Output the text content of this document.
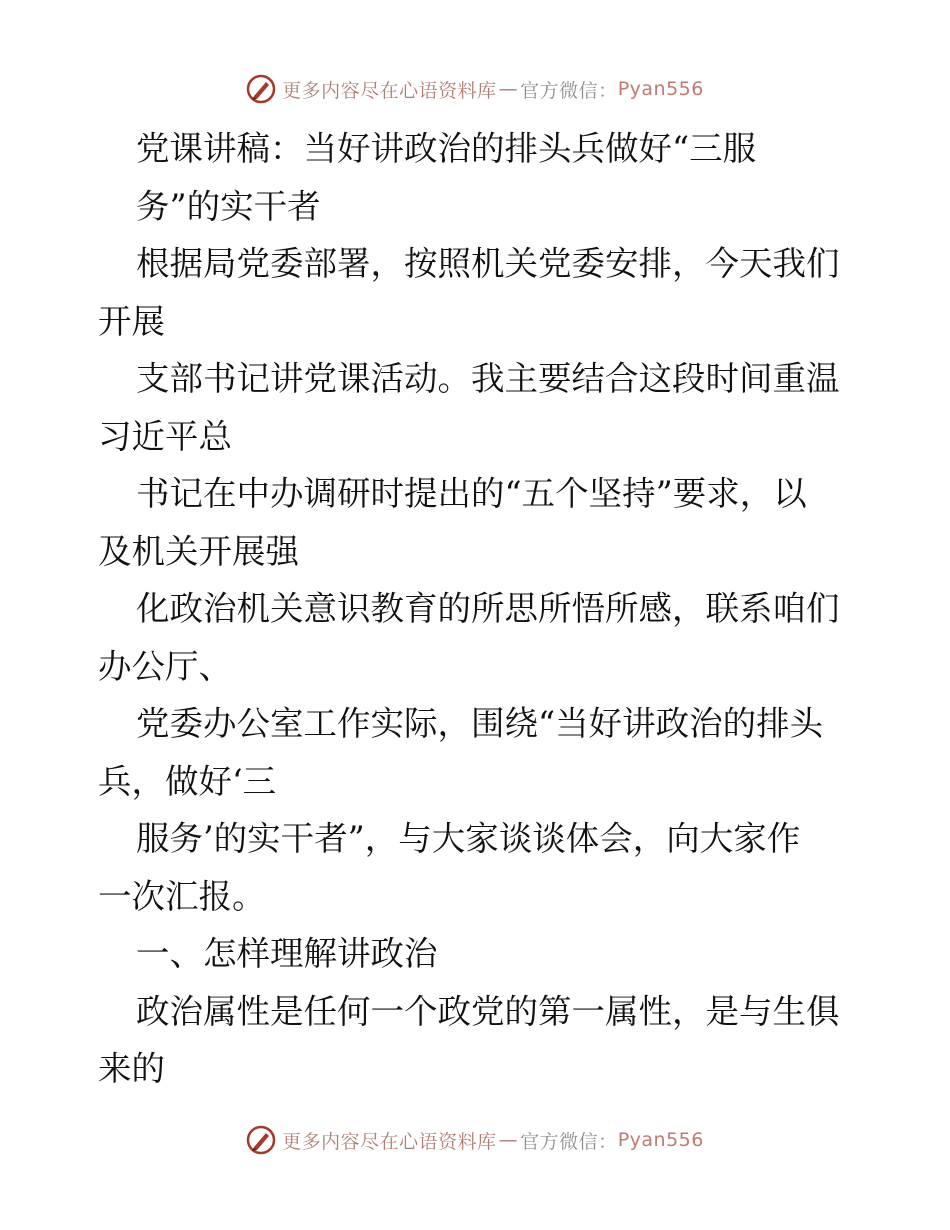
更多内容尽在心语资料库 — 官方微信： Pyan556
党课讲稿：当好讲政治的排头兵做好“三服
务”的实干者
根据局党委部署，按照机关党委安排，今天我们
开展
支部书记讲党课活动。我主要结合这段时间重温
习近平总
书记在中办调研时提出的“五个坚持”要求，以
及机关开展强
化政治机关意识教育的所思所悟所感，联系咱们
办公厅、
党委办公室工作实际，围绕“当好讲政治的排头
兵，做好‘三
服务’的实干者”，与大家谈谈体会，向大家作
一次汇报。
一、怎样理解讲政治
政治属性是任何一个政党的第一属性，是与生俱
来的
更多内容尽在心语资料库 — 官方微信： Pyan556
